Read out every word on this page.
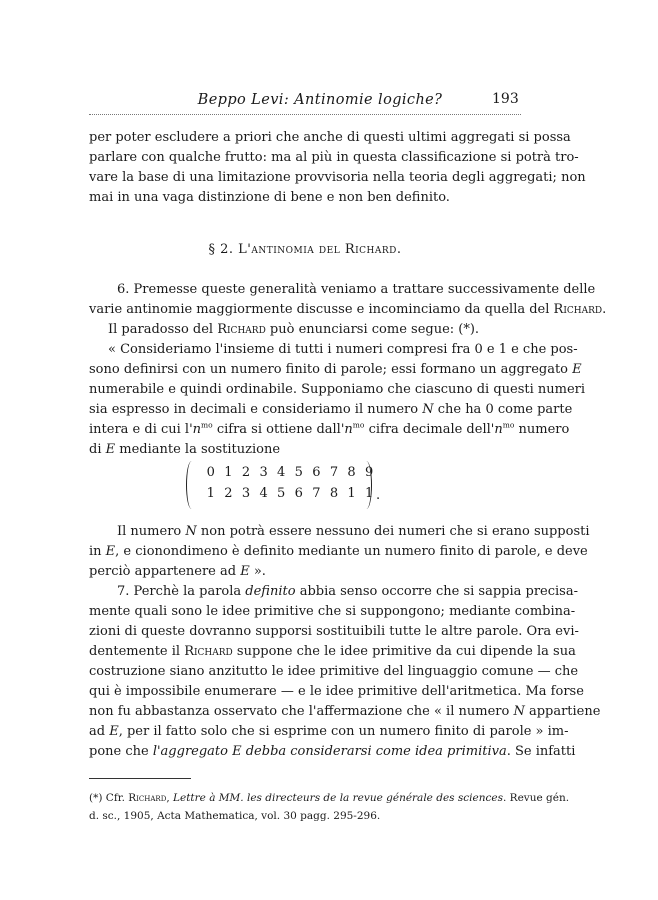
Beppo Levi: Antinomie logiche?	193
per poter escludere a priori che anche di questi ultimi aggregati si possa
parlare con qualche frutto: ma al più in questa classificazione si potrà tro-
vare la base di una limitazione provvisoria nella teoria degli aggregati; non
mai in una vaga distinzione di bene e non ben definito.
§ 2. L'antinomia del Richard.
6. Premesse queste generalità veniamo a trattare successivamente delle
varie antinomie maggiormente discusse e incominciamo da quella del Richard.
Il paradosso del Richard può enunciarsi come segue: (*).
« Consideriamo l'insieme di tutti i numeri compresi fra 0 e 1 e che pos-
sono definirsi con un numero finito di parole; essi formano un aggregato E
numerabile e quindi ordinabile. Supponiamo che ciascuno di questi numeri
sia espresso in decimali e consideriamo il numero N che ha 0 come parte
intera e di cui $l'n^{mo}$ cifra si ottiene $dall'n^{mo}$ cifra decimale $dell'n^{mo}$ numero
di E mediante la sostituzione
0 1 2 3 4 5 6 7 8 9
1 2 3 4 5 6 7 8 1 1 .
Il numero N non potrà essere nessuno dei numeri che si erano supposti
in E, e cionondimeno è definito mediante un numero finito di parole, e deve
perciò appartenere ad E ».
7. Perchè la parola definito abbia senso occorre che si sappia precisa-
mente quali sono le idee primitive che si suppongono; mediante combina-
zioni di queste dovranno supporsi sostituibili tutte le altre parole. Ora evi-
dentemente il Richard suppone che le idee primitive da cui dipende la sua
costruzione siano anzitutto le idee primitive del linguaggio comune — che
qui è impossibile enumerare — e le idee primitive dell'aritmetica. Ma forse
non fu abbastanza osservato che l'affermazione che « il numero N appartiene
ad E, per il fatto solo che si esprime con un numero finito di parole » im-
pone che l'aggregato E debba considerarsi come idea primitiva. Se infatti
(*) Cfr. Richard, Lettre à MM. les directeurs de la revue générale des sciences. Revue gén.
d. sc., 1905, Acta Mathematica, vol. 30 pagg. 295-296.
